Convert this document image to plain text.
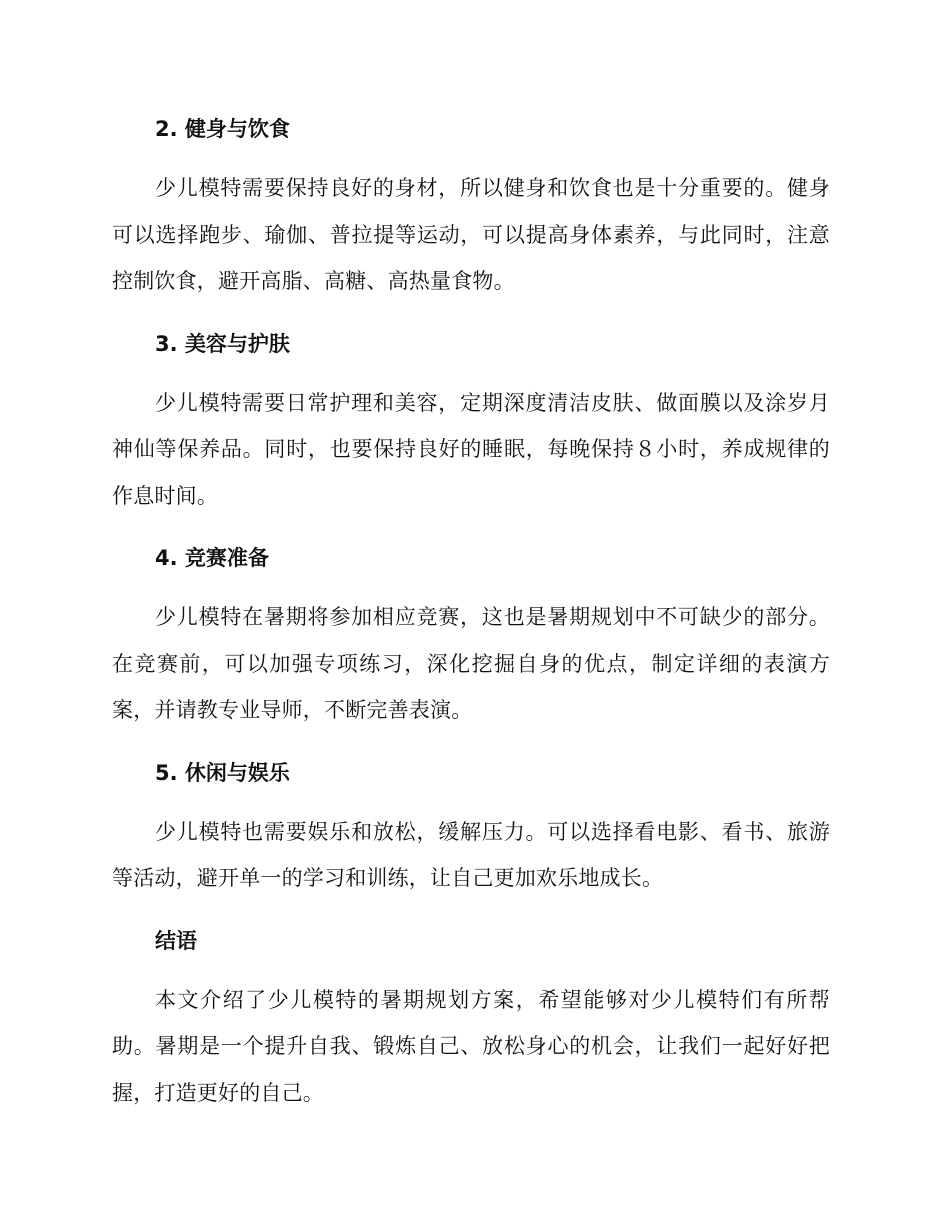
2. 健身与饮食

少儿模特需要保持良好的身材，所以健身和饮食也是十分重要的。健身可以选择跑步、瑜伽、普拉提等运动，可以提高身体素养，与此同时，注意控制饮食，避开高脂、高糖、高热量食物。

3. 美容与护肤

少儿模特需要日常护理和美容，定期深度清洁皮肤、做面膜以及涂岁月神仙等保养品。同时，也要保持良好的睡眠，每晚保持８小时，养成规律的作息时间。

4. 竞赛准备

少儿模特在暑期将参加相应竞赛，这也是暑期规划中不可缺少的部分。在竞赛前，可以加强专项练习，深化挖掘自身的优点，制定详细的表演方案，并请教专业导师，不断完善表演。

5. 休闲与娱乐

少儿模特也需要娱乐和放松，缓解压力。可以选择看电影、看书、旅游等活动，避开单一的学习和训练，让自己更加欢乐地成长。

结语

本文介绍了少儿模特的暑期规划方案，希望能够对少儿模特们有所帮助。暑期是一个提升自我、锻炼自己、放松身心的机会，让我们一起好好把握，打造更好的自己。
